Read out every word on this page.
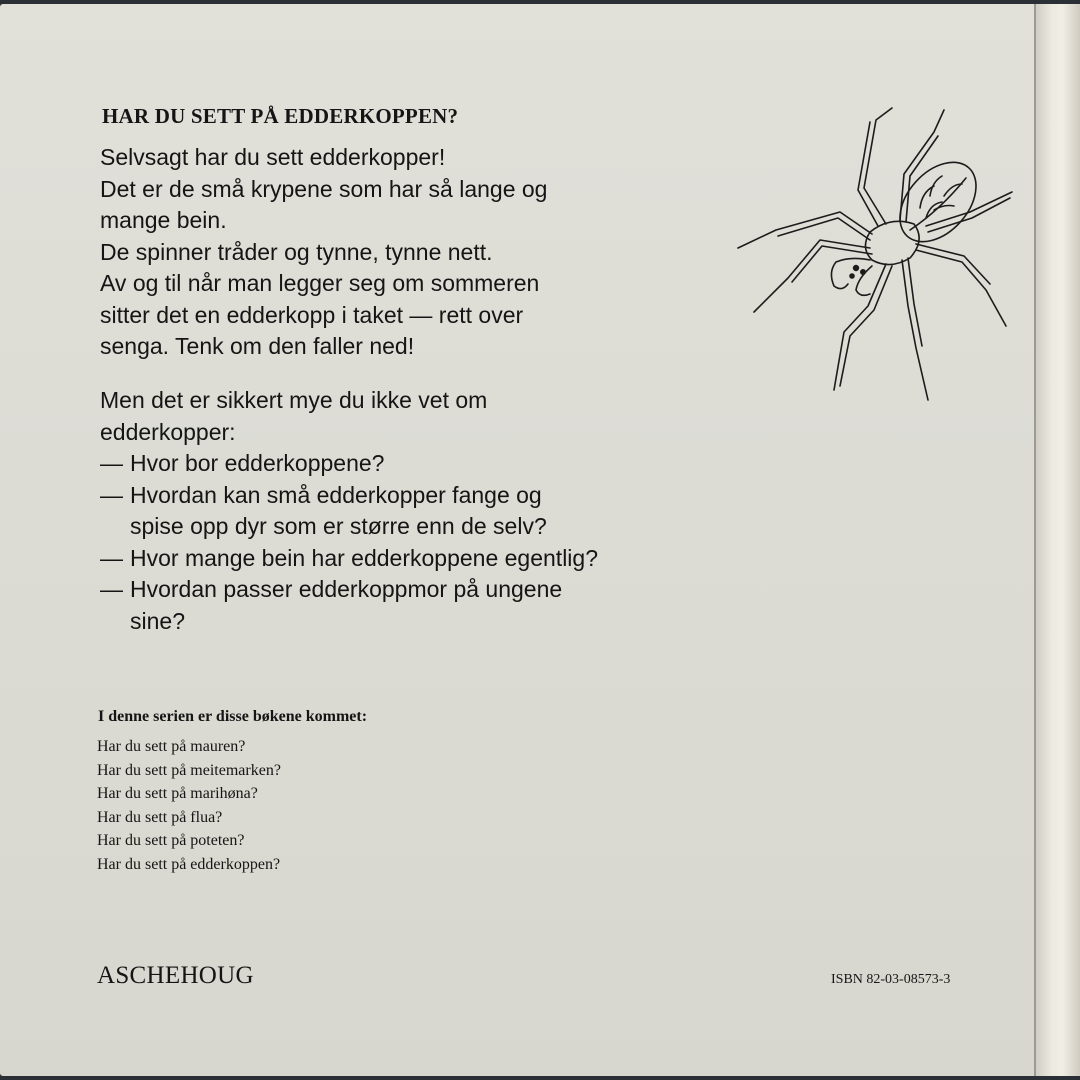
HAR DU SETT PÅ EDDERKOPPEN?

Selvsagt har du sett edderkopper!

Det er de små krypene som har så lange og

mange bein.

De spinner tråder og tynne, tynne nett.

Av og til når man legger seg om sommeren

sitter det en edderkopp i taket — rett over

senga. Tenk om den faller ned!

Men det er sikkert mye du ikke vet om

edderkopper:

— Hvor bor edderkoppene?

— Hvordan kan små edderkopper fange og

spise opp dyr som er større enn de selv?

— Hvor mange bein har edderkoppene egentlig?

— Hvordan passer edderkoppmor på ungene

sine?

I denne serien er disse bøkene kommet:
Har du sett på mauren?
Har du sett på meitemarken?
Har du sett på marihøna?
Har du sett på flua?
Har du sett på poteten?
Har du sett på edderkoppen?

ASCHEHOUG	ISBN 82-03-08573-3
